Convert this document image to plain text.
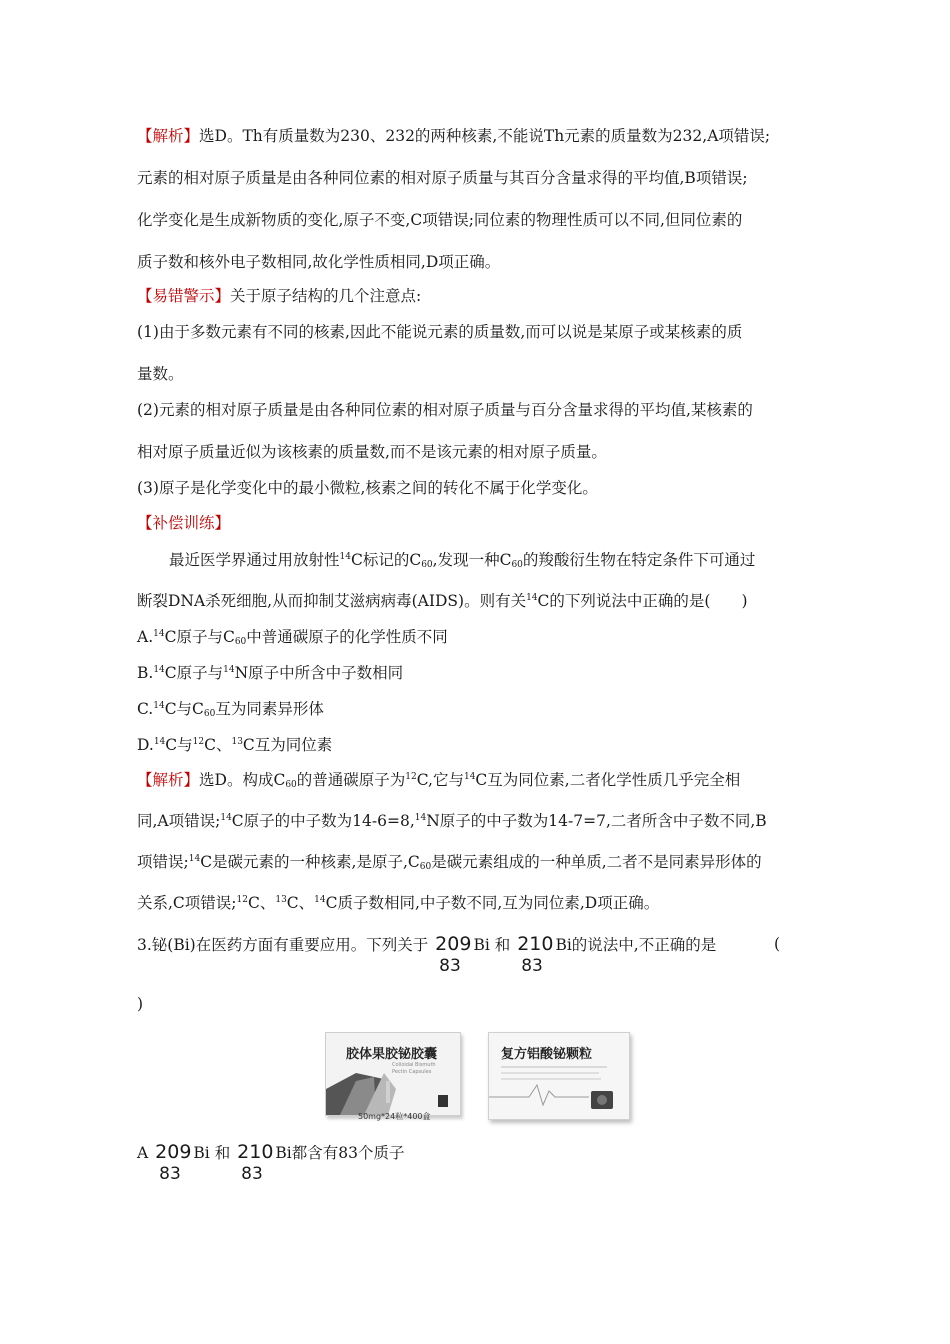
【解析】选D。Th有质量数为230、232的两种核素,不能说Th元素的质量数为232,A项错误;
元素的相对原子质量是由各种同位素的相对原子质量与其百分含量求得的平均值,B项错误;
化学变化是生成新物质的变化,原子不变,C项错误;同位素的物理性质可以不同,但同位素的
质子数和核外电子数相同,故化学性质相同,D项正确。
【易错警示】关于原子结构的几个注意点:
(1)由于多数元素有不同的核素,因此不能说元素的质量数,而可以说是某原子或某核素的质
量数。
(2)元素的相对原子质量是由各种同位素的相对原子质量与百分含量求得的平均值,某核素的
相对原子质量近似为该核素的质量数,而不是该元素的相对原子质量。
(3)原子是化学变化中的最小微粒,核素之间的转化不属于化学变化。
【补偿训练】
最近医学界通过用放射性$^{14}$C标记的$C_{60}$,发现一种$C_{60}$的羧酸衍生物在特定条件下可通过
断裂DNA杀死细胞,从而抑制艾滋病病毒(AIDS)。则有关$^{14}$C的下列说法中正确的是(　　)
A.$^{14}$C原子与$C_{60}$中普通碳原子的化学性质不同
B.$^{14}$C原子与$^{14}$N原子中所含中子数相同
C.$^{14}$C与$C_{60}$互为同素异形体
D.$^{14}$C与$^{12}$C、$^{13}$C互为同位素
【解析】选D。构成$C_{60}$的普通碳原子为$^{12}$C,它与$^{14}$C互为同位素,二者化学性质几乎完全相
同,A项错误;$^{14}$C原子的中子数为14-6=8,14N原子的中子数为14-7=7,二者所含中子数不同,B
项错误;$^{14}$C是碳元素的一种核素,是原子$,C_{60}$是碳元素组成的一种单质,二者不是同素异形体的
关系,C项错误;$^{12}$C、$^{13}$C、$^{14}$C质子数相同,中子数不同,互为同位素,D项正确。
3.铋(Bi)在医药方面有重要应用。下列关于 209
83
Bi 和 210
83
Bi的说法中,不正确的是	(
)
胶体果胶铋胶囊
Colloidal Bismuth
Pectin Capsules
50mg*24粒*400盒
复方铝酸铋颗粒
A 209
83
Bi 和 210
83
Bi都含有83个质子
